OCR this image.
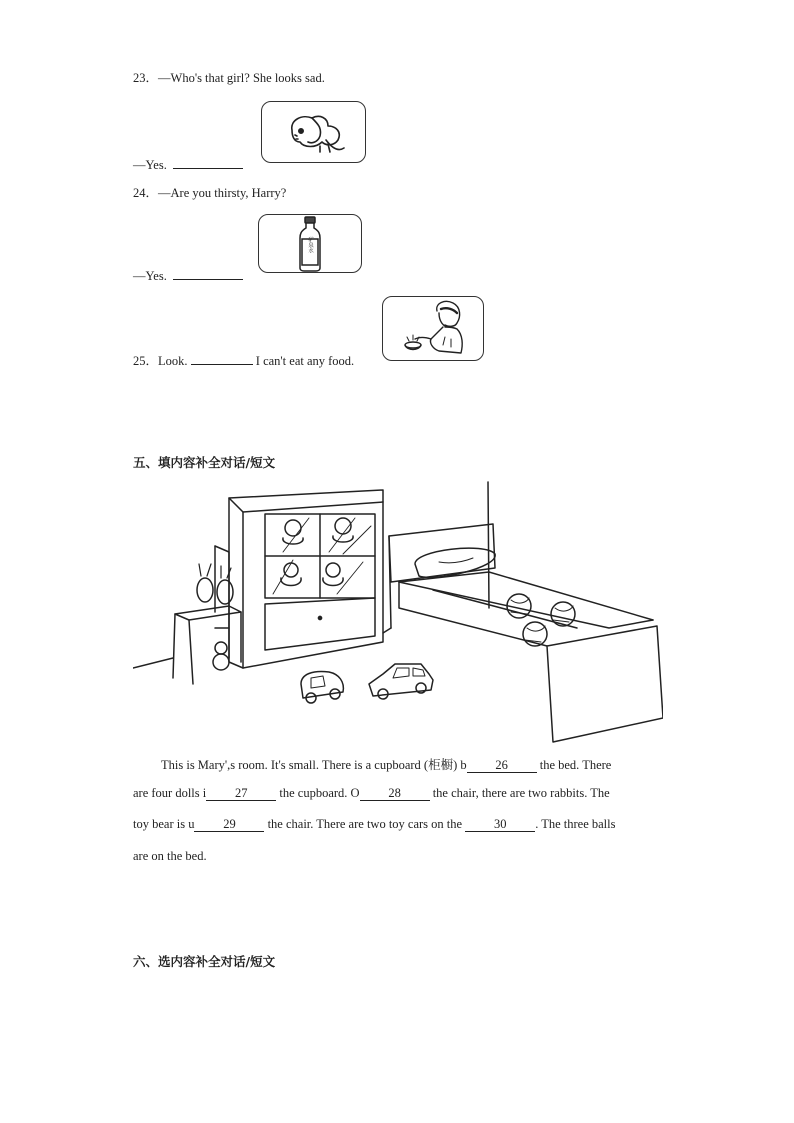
23．—Who's that girl? She looks sad.
—Yes.
24．—Are you thirsty, Harry?
矿泉水
—Yes.
25．Look.	I can't eat any food.
五、填内容补全对话/短文
This is Mary',s room. It's small. There is a cupboard (柜橱) b 26 the bed. There
are four dolls i 27 the cupboard. O 28 the chair, there are two rabbits. The
toy bear is u 29 the chair. There are two toy cars on the 30 . The three balls
are on the bed.
六、选内容补全对话/短文
